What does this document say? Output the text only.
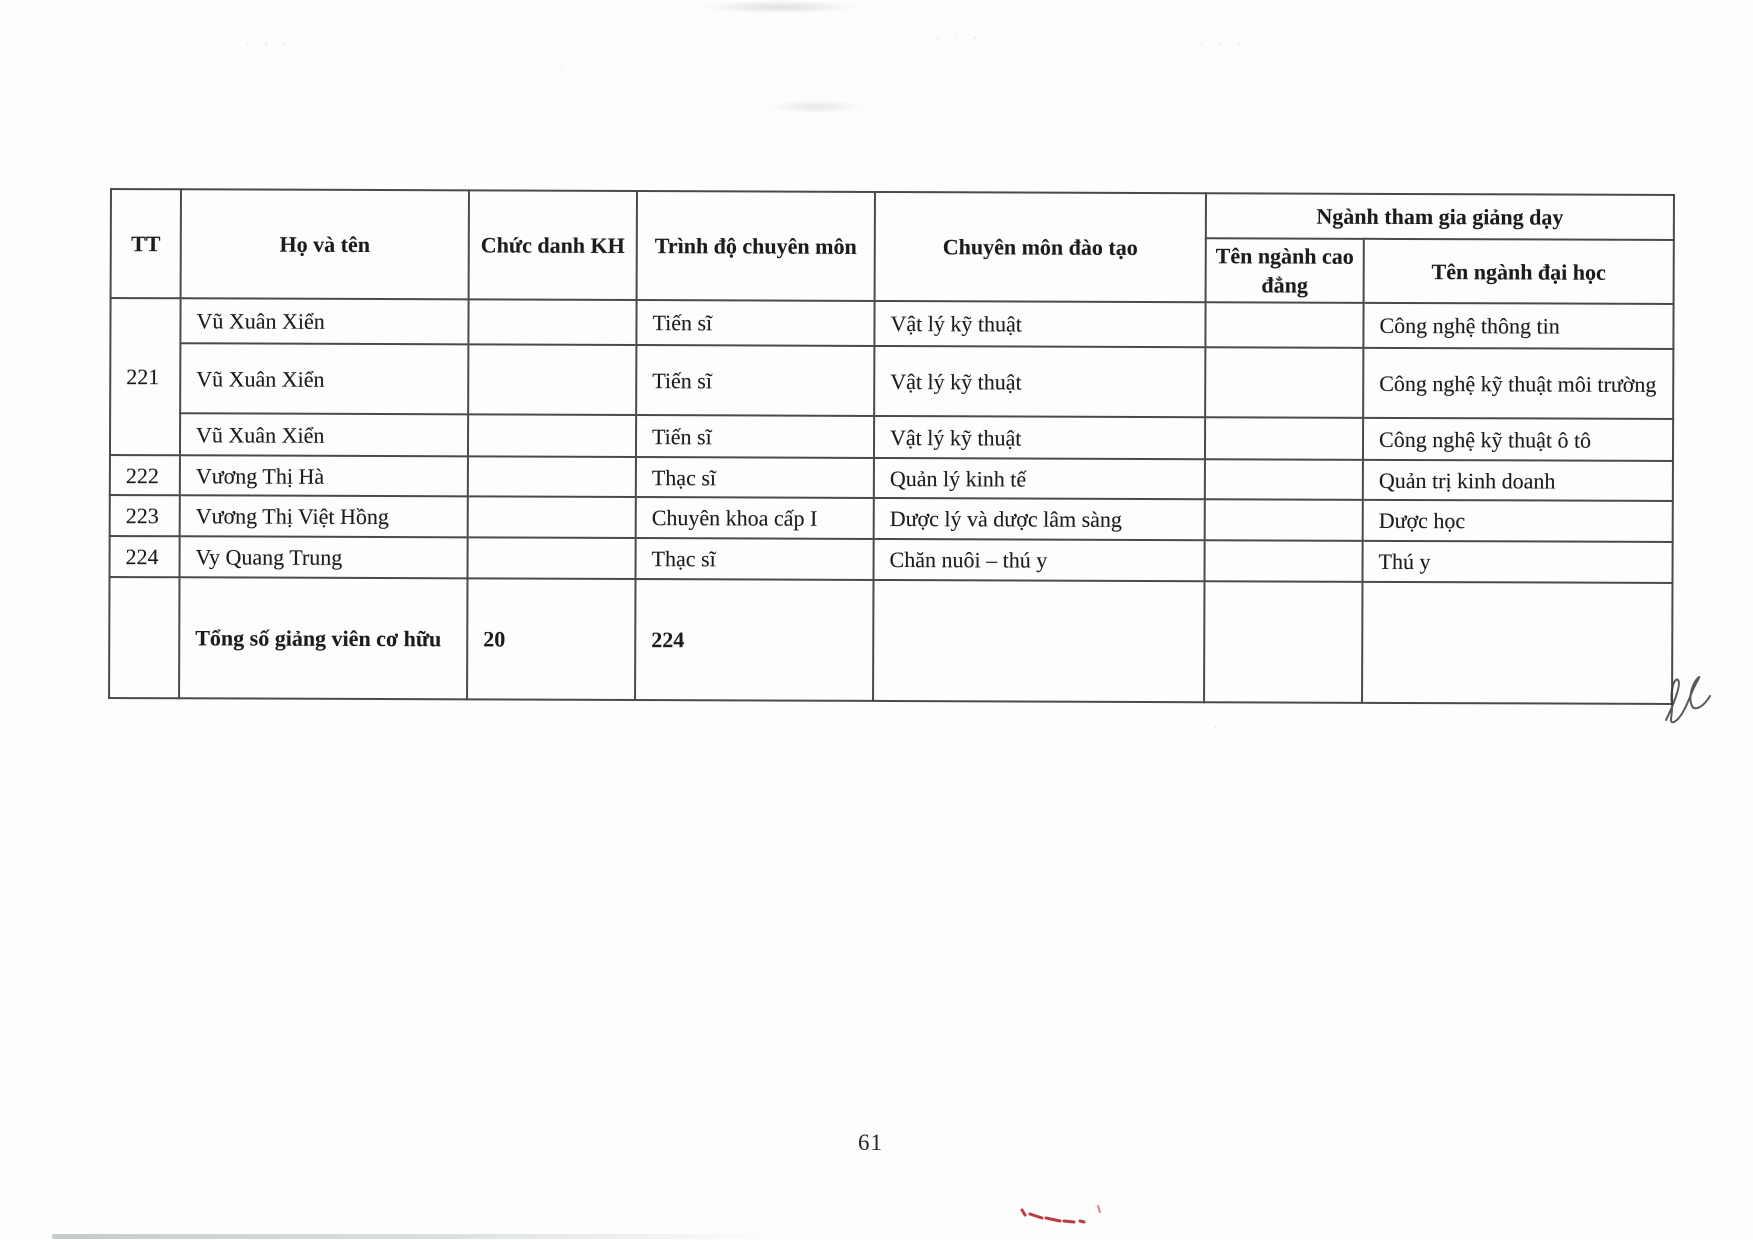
. , ,	, . ,	. , ,
.
.
TT	Họ và tên	Chức danh KH	Trình độ chuyên môn	Chuyên môn đào tạo	Ngành tham gia giảng dạy	
					Tên ngành cao đẳng	Tên ngành đại học
221	Vũ Xuân Xiển		Tiến sĩ	Vật lý kỹ thuật		Công nghệ thông tin
	Vũ Xuân Xiển		Tiến sĩ	Vật lý kỹ thuật		Công nghệ kỹ thuật môi trường
	Vũ Xuân Xiển		Tiến sĩ	Vật lý kỹ thuật		Công nghệ kỹ thuật ô tô
222	Vương Thị Hà		Thạc sĩ	Quản lý kinh tế		Quản trị kinh doanh
223	Vương Thị Việt Hồng		Chuyên khoa cấp I	Dược lý và dược lâm sàng		Dược học
224	Vy Quang Trung		Thạc sĩ	Chăn nuôi – thú y		Thú y
	Tổng số giảng viên cơ hữu	20	224			
61
